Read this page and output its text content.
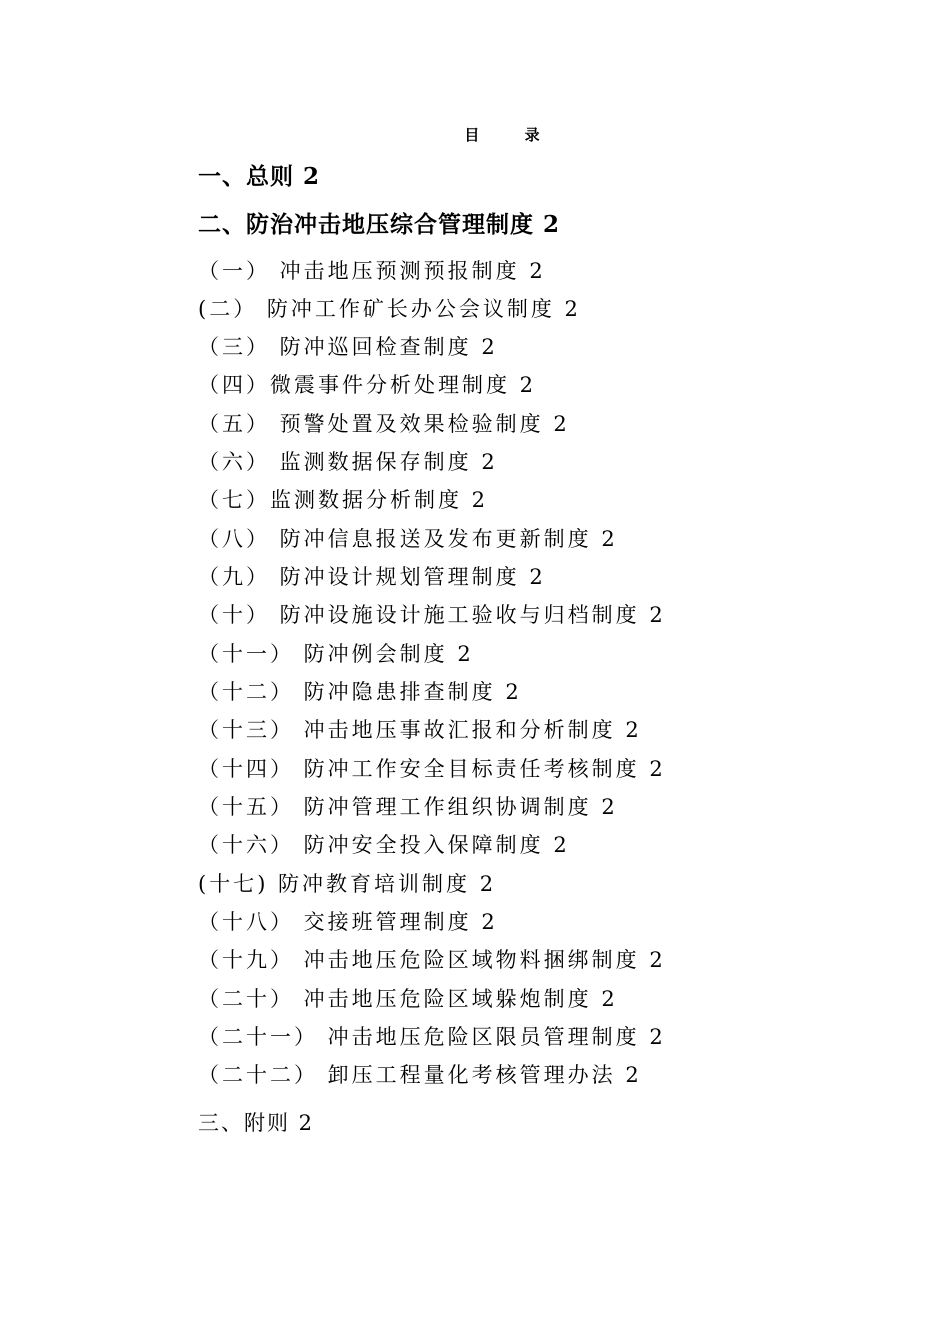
目 录
一、总则 2
二、防治冲击地压综合管理制度 2
（一） 冲击地压预测预报制度 2
(二） 防冲工作矿长办公会议制度 2
（三） 防冲巡回检查制度 2
（四）微震事件分析处理制度 2
（五） 预警处置及效果检验制度 2
（六） 监测数据保存制度 2
（七）监测数据分析制度 2
（八） 防冲信息报送及发布更新制度 2
（九） 防冲设计规划管理制度 2
（十） 防冲设施设计施工验收与归档制度 2
（十一） 防冲例会制度 2
（十二） 防冲隐患排查制度 2
（十三） 冲击地压事故汇报和分析制度 2
（十四） 防冲工作安全目标责任考核制度 2
（十五） 防冲管理工作组织协调制度 2
（十六） 防冲安全投入保障制度 2
(十七) 防冲教育培训制度 2
（十八） 交接班管理制度 2
（十九） 冲击地压危险区域物料捆绑制度 2
（二十） 冲击地压危险区域躲炮制度 2
（二十一） 冲击地压危险区限员管理制度 2
（二十二） 卸压工程量化考核管理办法 2
三、附则 2
